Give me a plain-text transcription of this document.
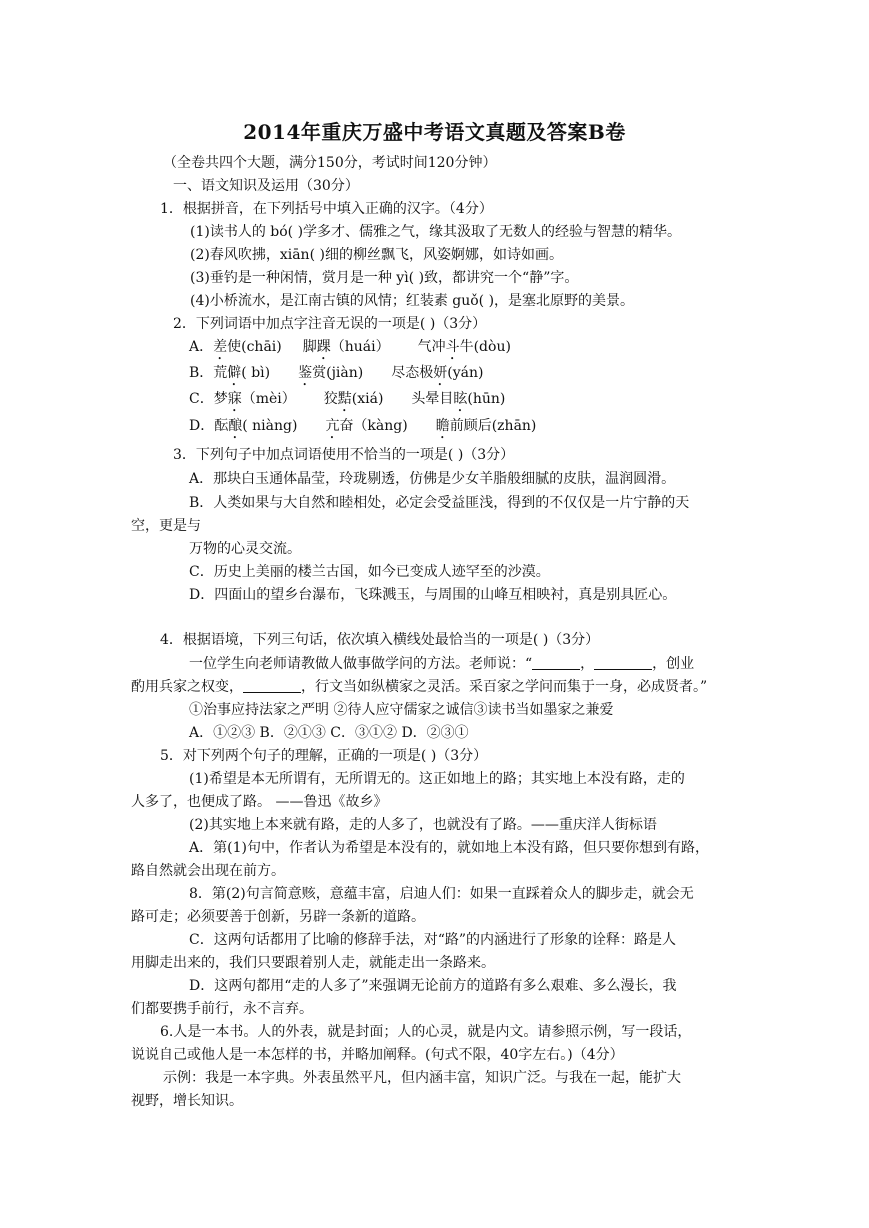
2014年重庆万盛中考语文真题及答案B卷
（全卷共四个大题，满分150分，考试时间120分钟）
一、语文知识及运用（30分）
1．根据拼音，在下列括号中填入正确的汉字。（4分）
(1)读书人的 bó( )学多才、儒雅之气，缘其汲取了无数人的经验与智慧的精华。
(2)春风吹拂，xiān( )细的柳丝飘飞，风姿婀娜，如诗如画。
(3)垂钓是一种闲情，赏月是一种 yì( )致，都讲究一个“静”字。
(4)小桥流水，是江南古镇的风情；红装素 guǒ( )，是塞北原野的美景。
2．下列词语中加点字注音无误的一项是( )（3分）
A．差使(chāi)   脚踝（huái）   气冲斗牛(dòu)
B．荒僻( bì)   鉴赏(jiàn)   尽态极妍(yán)
C．梦寐（mèi）   狡黠(xiá)   头晕目眩(hūn)
D．酝酿( niàng)   亢奋（kàng)   瞻前顾后(zhān)
3．下列句子中加点词语使用不恰当的一项是( )（3分）
A．那块白玉通体晶莹，玲珑剔透，仿佛是少女羊脂般细腻的皮肤，温润圆滑。
B．人类如果与大自然和睦相处，必定会受益匪浅，得到的不仅仅是一片宁静的天
空，更是与
万物的心灵交流。
C．历史上美丽的楼兰古国，如今已变成人迹罕至的沙漠。
D．四面山的望乡台瀑布，飞珠溅玉，与周围的山峰互相映衬，真是别具匠心。
4．根据语境，下列三句话，依次填入横线处最恰当的一项是( )（3分）
一位学生向老师请教做人做事做学问的方法。老师说：“	，	，创业
酌用兵家之权变，	，行文当如纵横家之灵活。采百家之学问而集于一身，必成贤者。”
①治事应持法家之严明 ②待人应守儒家之诚信③读书当如墨家之兼爱
A．①②③ B．②①③ C．③①② D．②③①
5．对下列两个句子的理解，正确的一项是( )（3分）
(1)希望是本无所谓有，无所谓无的。这正如地上的路；其实地上本没有路，走的
人多了，也便成了路。 ——鲁迅《故乡》
(2)其实地上本来就有路，走的人多了，也就没有了路。——重庆洋人街标语
A．第(1)句中，作者认为希望是本没有的，就如地上本没有路，但只要你想到有路，
路自然就会出现在前方。
8．第(2)句言简意赅，意蕴丰富，启迪人们：如果一直踩着众人的脚步走，就会无
路可走；必须要善于创新，另辟一条新的道路。
C．这两句话都用了比喻的修辞手法，对“路”的内涵进行了形象的诠释：路是人
用脚走出来的，我们只要跟着别人走，就能走出一条路来。
D．这两句都用“走的人多了”来强调无论前方的道路有多么艰难、多么漫长，我
们都要携手前行，永不言弃。
6.人是一本书。人的外表，就是封面；人的心灵，就是内文。请参照示例，写一段话，
说说自己或他人是一本怎样的书，并略加阐释。(句式不限，40字左右。)（4分）
示例：我是一本字典。外表虽然平凡，但内涵丰富，知识广泛。与我在一起，能扩大
视野，增长知识。
